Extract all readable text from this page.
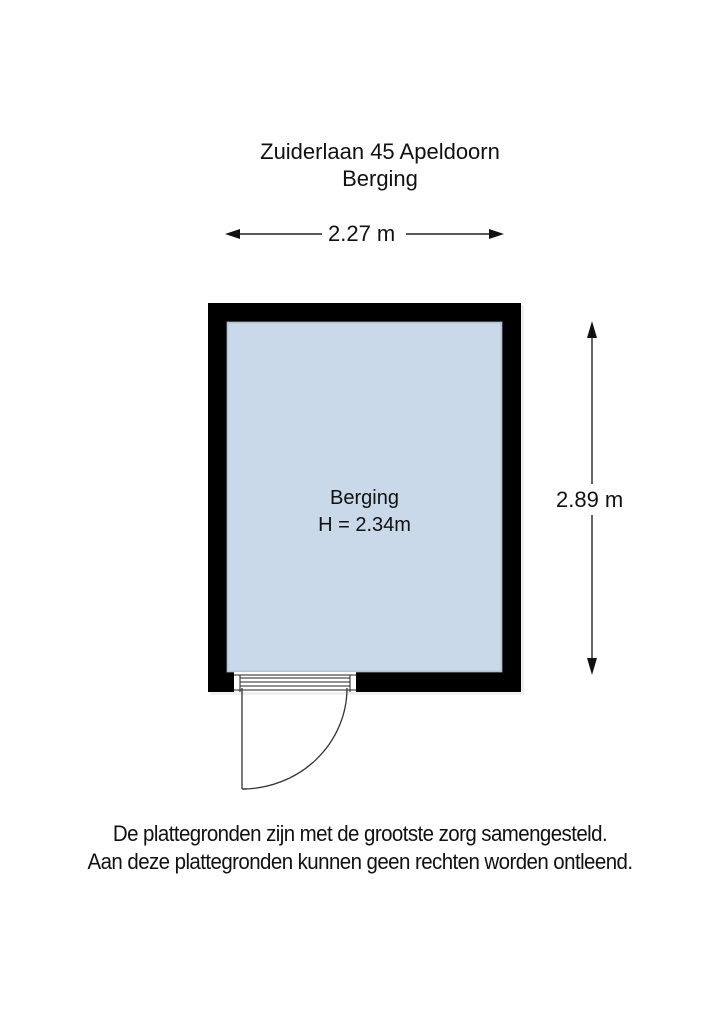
Zuiderlaan 45 Apeldoorn
Berging
2.27 m
2.89 m
Berging
H = 2.34m
De plattegronden zijn met de grootste zorg samengesteld.
Aan deze plattegronden kunnen geen rechten worden ontleend.
